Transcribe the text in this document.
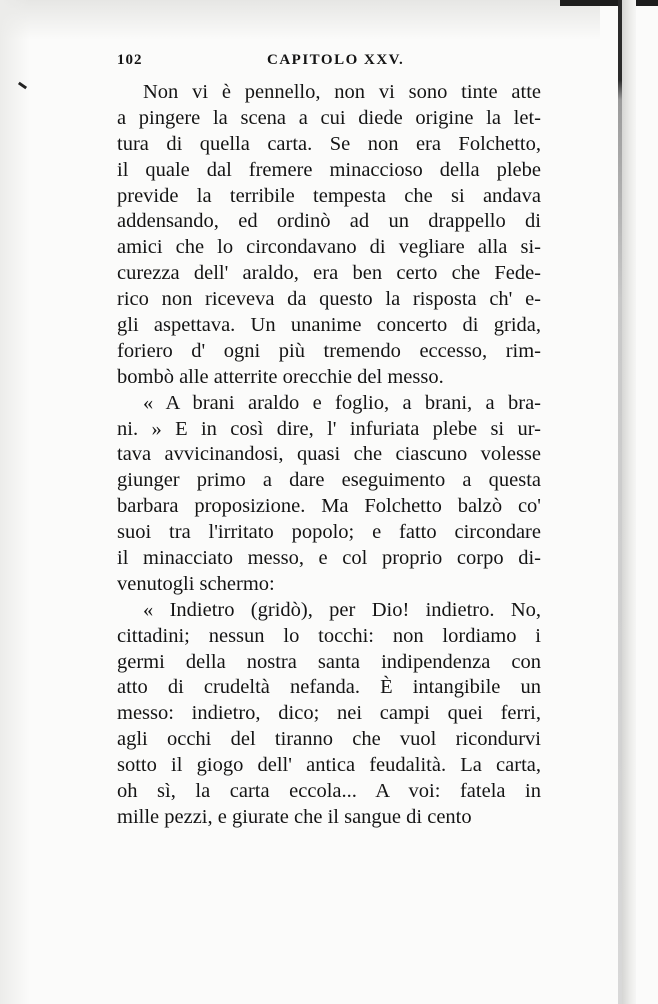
102	CAPITOLO XXV.
Non vi è pennello, non vi sono tinte atte
a pingere la scena a cui diede origine la let-
tura di quella carta. Se non era Folchetto,
il quale dal fremere minaccioso della plebe
previde la terribile tempesta che si andava
addensando, ed ordinò ad un drappello di
amici che lo circondavano di vegliare alla si-
curezza dell' araldo, era ben certo che Fede-
rico non riceveva da questo la risposta ch' e-
gli aspettava. Un unanime concerto di grida,
foriero d' ogni più tremendo eccesso, rim-
bombò alle atterrite orecchie del messo.
« A brani araldo e foglio, a brani, a bra-
ni. » E in così dire, l' infuriata plebe si ur-
tava avvicinandosi, quasi che ciascuno volesse
giunger primo a dare eseguimento a questa
barbara proposizione. Ma Folchetto balzò co'
suoi tra l'irritato popolo; e fatto circondare
il minacciato messo, e col proprio corpo di-
venutogli schermo:
« Indietro (gridò), per Dio! indietro. No,
cittadini; nessun lo tocchi: non lordiamo i
germi della nostra santa indipendenza con
atto di crudeltà nefanda. È intangibile un
messo: indietro, dico; nei campi quei ferri,
agli occhi del tiranno che vuol ricondurvi
sotto il giogo dell' antica feudalità. La carta,
oh sì, la carta eccola... A voi: fatela in
mille pezzi, e giurate che il sangue di cento
